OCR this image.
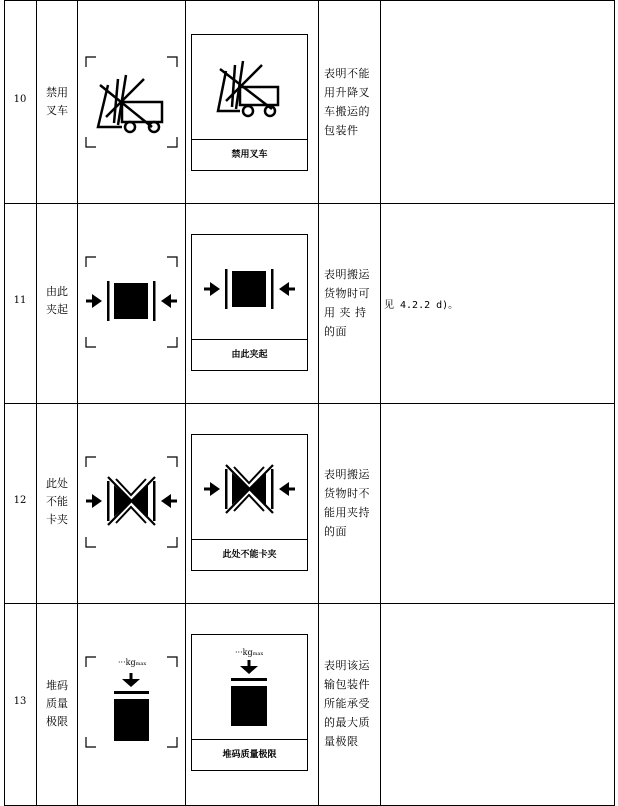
10
禁用
叉车
禁用叉车
表明不能
用升降叉
车搬运的
包装件
11
由此
夹起
由此夹起
表明搬运
货物时可
用 夹 持
的面
见 4.2.2 d)。
12
此处
不能
卡夹
此处不能卡夹
表明搬运
货物时不
能用夹持
的面
13
堆码
质量
极限
···kgmax
···kgmax
堆码质量极限
表明该运
输包装件
所能承受
的最大质
量极限
